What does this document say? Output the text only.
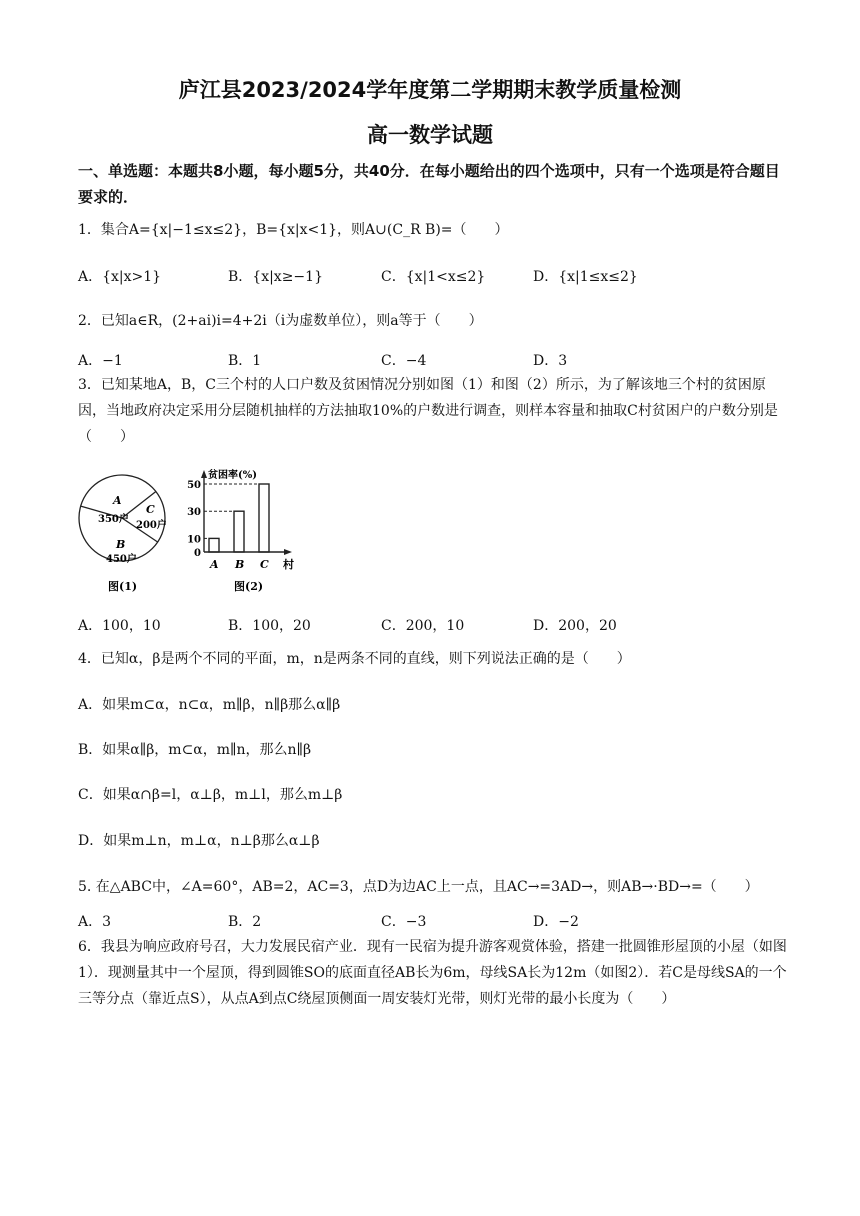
庐江县2023/2024学年度第二学期期末教学质量检测
高一数学试题
一、单选题：本题共8小题，每小题5分，共40分．在每小题给出的四个选项中，只有一个选项是符合题目要求的．

1．集合A={x|−1≤x≤2}，B={x|x<1}，则A∪(C_R B)=（　　）

A．{x|x>1}	B．{x|x≥−1}	C．{x|1<x≤2}	D．{x|1≤x≤2}

2．已知a∈R，(2+ai)i=4+2i（i为虚数单位），则a等于（　　）

A．−1	B．1	C．−4	D．3

3．已知某地A，B，C三个村的人口户数及贫困情况分别如图（1）和图（2）所示，为了解该地三个村的贫困原因，当地政府决定采用分层随机抽样的方法抽取10%的户数进行调查，则样本容量和抽取C村贫困户的户数分别是（　　）

A
350户
C
200户
B
450户
图(1)
贫困率(%)
村
图(2)
A B C
0
10
30
50
A．100，10	B．100，20	C．200，10	D．200，20

4．已知α，β是两个不同的平面，m，n是两条不同的直线，则下列说法正确的是（　　）

A．如果m⊂α，n⊂α，m∥β，n∥β那么α∥β

B．如果α∥β，m⊂α，m∥n，那么n∥β

C．如果α∩β=l，α⊥β，m⊥l，那么m⊥β

D．如果m⊥n，m⊥α，n⊥β那么α⊥β

5. 在△ABC中，∠A=60°，AB=2，AC=3，点D为边AC上一点，且AC→=3AD→，则AB→·BD→=（　　）

A．3	B．2	C．−3	D．−2

6．我县为响应政府号召，大力发展民宿产业．现有一民宿为提升游客观赏体验，搭建一批圆锥形屋顶的小屋（如图1）．现测量其中一个屋顶，得到圆锥SO的底面直径AB长为6m，母线SA长为12m（如图2）．若C是母线SA的一个三等分点（靠近点S），从点A到点C绕屋顶侧面一周安装灯光带，则灯光带的最小长度为（　　）
